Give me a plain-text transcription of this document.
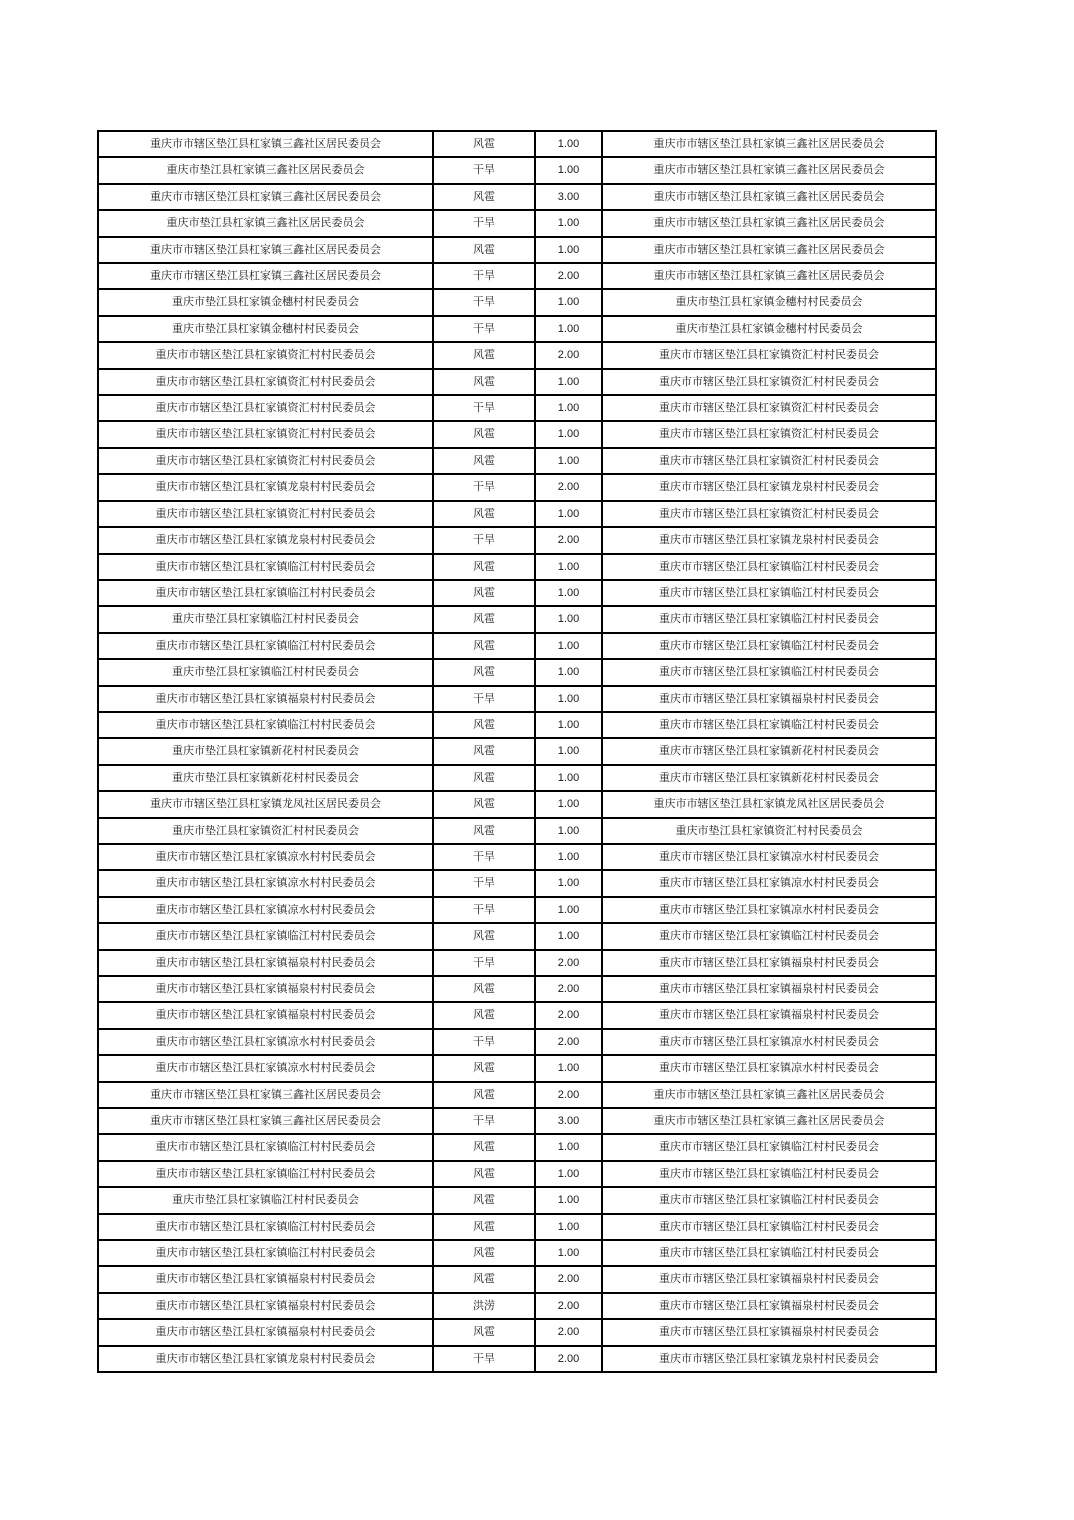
重庆市市辖区垫江县杠家镇三鑫社区居民委员会	风雹	1.00	重庆市市辖区垫江县杠家镇三鑫社区居民委员会
重庆市垫江县杠家镇三鑫社区居民委员会	干旱	1.00	重庆市市辖区垫江县杠家镇三鑫社区居民委员会
重庆市市辖区垫江县杠家镇三鑫社区居民委员会	风雹	3.00	重庆市市辖区垫江县杠家镇三鑫社区居民委员会
重庆市垫江县杠家镇三鑫社区居民委员会	干旱	1.00	重庆市市辖区垫江县杠家镇三鑫社区居民委员会
重庆市市辖区垫江县杠家镇三鑫社区居民委员会	风雹	1.00	重庆市市辖区垫江县杠家镇三鑫社区居民委员会
重庆市市辖区垫江县杠家镇三鑫社区居民委员会	干旱	2.00	重庆市市辖区垫江县杠家镇三鑫社区居民委员会
重庆市垫江县杠家镇金穗村村民委员会	干旱	1.00	重庆市垫江县杠家镇金穗村村民委员会
重庆市垫江县杠家镇金穗村村民委员会	干旱	1.00	重庆市垫江县杠家镇金穗村村民委员会
重庆市市辖区垫江县杠家镇资汇村村民委员会	风雹	2.00	重庆市市辖区垫江县杠家镇资汇村村民委员会
重庆市市辖区垫江县杠家镇资汇村村民委员会	风雹	1.00	重庆市市辖区垫江县杠家镇资汇村村民委员会
重庆市市辖区垫江县杠家镇资汇村村民委员会	干旱	1.00	重庆市市辖区垫江县杠家镇资汇村村民委员会
重庆市市辖区垫江县杠家镇资汇村村民委员会	风雹	1.00	重庆市市辖区垫江县杠家镇资汇村村民委员会
重庆市市辖区垫江县杠家镇资汇村村民委员会	风雹	1.00	重庆市市辖区垫江县杠家镇资汇村村民委员会
重庆市市辖区垫江县杠家镇龙泉村村民委员会	干旱	2.00	重庆市市辖区垫江县杠家镇龙泉村村民委员会
重庆市市辖区垫江县杠家镇资汇村村民委员会	风雹	1.00	重庆市市辖区垫江县杠家镇资汇村村民委员会
重庆市市辖区垫江县杠家镇龙泉村村民委员会	干旱	2.00	重庆市市辖区垫江县杠家镇龙泉村村民委员会
重庆市市辖区垫江县杠家镇临江村村民委员会	风雹	1.00	重庆市市辖区垫江县杠家镇临江村村民委员会
重庆市市辖区垫江县杠家镇临江村村民委员会	风雹	1.00	重庆市市辖区垫江县杠家镇临江村村民委员会
重庆市垫江县杠家镇临江村村民委员会	风雹	1.00	重庆市市辖区垫江县杠家镇临江村村民委员会
重庆市市辖区垫江县杠家镇临江村村民委员会	风雹	1.00	重庆市市辖区垫江县杠家镇临江村村民委员会
重庆市垫江县杠家镇临江村村民委员会	风雹	1.00	重庆市市辖区垫江县杠家镇临江村村民委员会
重庆市市辖区垫江县杠家镇福泉村村民委员会	干旱	1.00	重庆市市辖区垫江县杠家镇福泉村村民委员会
重庆市市辖区垫江县杠家镇临江村村民委员会	风雹	1.00	重庆市市辖区垫江县杠家镇临江村村民委员会
重庆市垫江县杠家镇新花村村民委员会	风雹	1.00	重庆市市辖区垫江县杠家镇新花村村民委员会
重庆市垫江县杠家镇新花村村民委员会	风雹	1.00	重庆市市辖区垫江县杠家镇新花村村民委员会
重庆市市辖区垫江县杠家镇龙凤社区居民委员会	风雹	1.00	重庆市市辖区垫江县杠家镇龙凤社区居民委员会
重庆市垫江县杠家镇资汇村村民委员会	风雹	1.00	重庆市垫江县杠家镇资汇村村民委员会
重庆市市辖区垫江县杠家镇凉水村村民委员会	干旱	1.00	重庆市市辖区垫江县杠家镇凉水村村民委员会
重庆市市辖区垫江县杠家镇凉水村村民委员会	干旱	1.00	重庆市市辖区垫江县杠家镇凉水村村民委员会
重庆市市辖区垫江县杠家镇凉水村村民委员会	干旱	1.00	重庆市市辖区垫江县杠家镇凉水村村民委员会
重庆市市辖区垫江县杠家镇临江村村民委员会	风雹	1.00	重庆市市辖区垫江县杠家镇临江村村民委员会
重庆市市辖区垫江县杠家镇福泉村村民委员会	干旱	2.00	重庆市市辖区垫江县杠家镇福泉村村民委员会
重庆市市辖区垫江县杠家镇福泉村村民委员会	风雹	2.00	重庆市市辖区垫江县杠家镇福泉村村民委员会
重庆市市辖区垫江县杠家镇福泉村村民委员会	风雹	2.00	重庆市市辖区垫江县杠家镇福泉村村民委员会
重庆市市辖区垫江县杠家镇凉水村村民委员会	干旱	2.00	重庆市市辖区垫江县杠家镇凉水村村民委员会
重庆市市辖区垫江县杠家镇凉水村村民委员会	风雹	1.00	重庆市市辖区垫江县杠家镇凉水村村民委员会
重庆市市辖区垫江县杠家镇三鑫社区居民委员会	风雹	2.00	重庆市市辖区垫江县杠家镇三鑫社区居民委员会
重庆市市辖区垫江县杠家镇三鑫社区居民委员会	干旱	3.00	重庆市市辖区垫江县杠家镇三鑫社区居民委员会
重庆市市辖区垫江县杠家镇临江村村民委员会	风雹	1.00	重庆市市辖区垫江县杠家镇临江村村民委员会
重庆市市辖区垫江县杠家镇临江村村民委员会	风雹	1.00	重庆市市辖区垫江县杠家镇临江村村民委员会
重庆市垫江县杠家镇临江村村民委员会	风雹	1.00	重庆市市辖区垫江县杠家镇临江村村民委员会
重庆市市辖区垫江县杠家镇临江村村民委员会	风雹	1.00	重庆市市辖区垫江县杠家镇临江村村民委员会
重庆市市辖区垫江县杠家镇临江村村民委员会	风雹	1.00	重庆市市辖区垫江县杠家镇临江村村民委员会
重庆市市辖区垫江县杠家镇福泉村村民委员会	风雹	2.00	重庆市市辖区垫江县杠家镇福泉村村民委员会
重庆市市辖区垫江县杠家镇福泉村村民委员会	洪涝	2.00	重庆市市辖区垫江县杠家镇福泉村村民委员会
重庆市市辖区垫江县杠家镇福泉村村民委员会	风雹	2.00	重庆市市辖区垫江县杠家镇福泉村村民委员会
重庆市市辖区垫江县杠家镇龙泉村村民委员会	干旱	2.00	重庆市市辖区垫江县杠家镇龙泉村村民委员会
